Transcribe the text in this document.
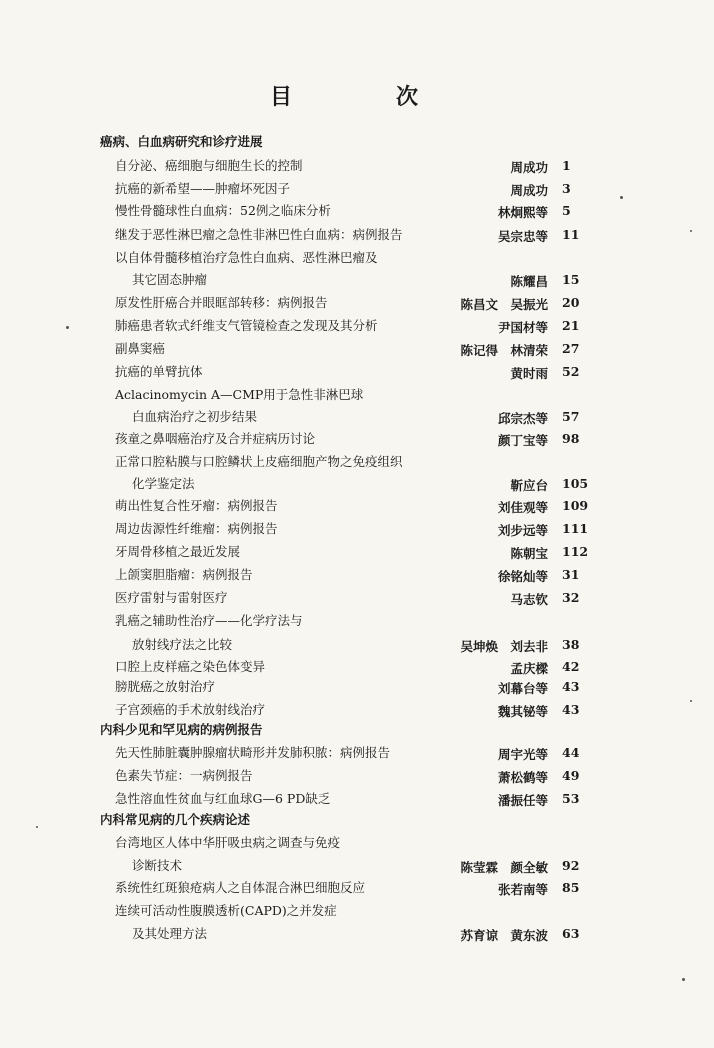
目	次
癌病、白血病研究和诊疗进展
自分泌、癌细胞与细胞生长的控制	周成功 1
抗癌的新希望——肿瘤坏死因子	周成功 3
慢性骨髓球性白血病：52例之临床分析	林炯熙等 5
继发于恶性淋巴瘤之急性非淋巴性白血病：病例报告	吴宗忠等 11
以自体骨髓移植治疗急性白血病、恶性淋巴瘤及
其它固态肿瘤	陈耀昌 15
原发性肝癌合并眼眶部转移：病例报告	陈昌文　吴振光 20
肺癌患者软式纤维支气管镜检查之发现及其分析	尹国材等 21
副鼻窦癌	陈记得　林清荣 27
抗癌的单臂抗体	黄时雨 52
Aclacinomycin A—CMP用于急性非淋巴球
白血病治疗之初步结果	邱宗杰等 57
孩童之鼻咽癌治疗及合并症病历讨论	颜丁宝等 98
正常口腔粘膜与口腔鳞状上皮癌细胞产物之免疫组织
化学鉴定法	靳应台 105
萌出性复合性牙瘤：病例报告	刘佳观等 109
周边齿源性纤维瘤：病例报告	刘步远等 111
牙周骨移植之最近发展	陈朝宝 112
上颌窦胆脂瘤：病例报告	徐铭灿等 31
医疗雷射与雷射医疗	马志钦 32
乳癌之辅助性治疗——化学疗法与
放射线疗法之比较	吴坤焕　刘去非 38
口腔上皮样癌之染色体变异	孟庆樑 42
膀胱癌之放射治疗	刘幕台等 43
子宫颈癌的手术放射线治疗	魏其铋等 43
内科少见和罕见病的病例报告
先天性肺脏囊肿腺瘤状畸形并发肺积脓：病例报告	周宇光等 44
色素失节症：一病例报告	萧松鹤等 49
急性溶血性贫血与红血球G—6 PD缺乏	潘振任等 53
内科常见病的几个疾病论述
台湾地区人体中华肝吸虫病之调查与免疫
诊断技术	陈莹霖　颜全敏 92
系统性红斑狼疮病人之自体混合淋巴细胞反应	张若南等 85
连续可活动性腹膜透析(CAPD)之并发症
及其处理方法	苏育谅　黄东波 63
